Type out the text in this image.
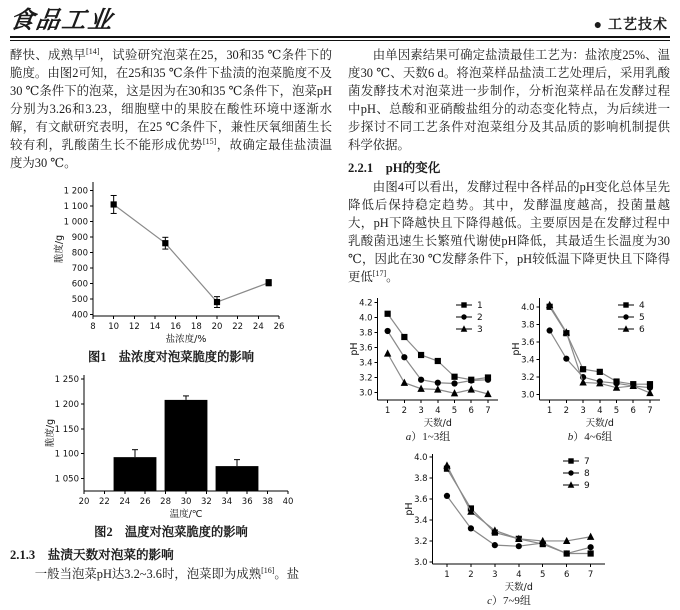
食品工业	● 工艺技术

酵快、成熟早[14]，试验研究泡菜在25，30和35 ℃条件下的脆度。由图2可知，在25和35 ℃条件下盐渍的泡菜脆度不及30 ℃条件下的泡菜，这是因为在30和35 ℃条件下，泡菜pH分别为3.26和3.23，细胞壁中的果胶在酸性环境中逐渐水解，有文献研究表明，在25 ℃条件下，兼性厌氧细菌生长较有利，乳酸菌生长不能形成优势[15]，故确定最佳盐渍温度为30 ℃。

8 10 12 14 16 18 20 22 24 26
400
500
600
700
800
900
1 000
1 100
1 200
盐浓度/%
脆度/g
图1　盐浓度对泡菜脆度的影响
20 22 24 26 28 30 32 34 36 38 40
1 050
1 100
1 150
1 200
1 250
温度/℃
脆度/g
图2　温度对泡菜脆度的影响
2.1.3　盐渍天数对泡菜的影响

一般当泡菜pH达3.2~3.6时，泡菜即为成熟[16]。盐

由单因素结果可确定盐渍最佳工艺为：盐浓度25%、温度30 ℃、天数6 d。将泡菜样品盐渍工艺处理后，采用乳酸菌发酵技术对泡菜进一步制作，分析泡菜样品在发酵过程中pH、总酸和亚硝酸盐组分的动态变化特点，为后续进一步探讨不同工艺条件对泡菜组分及其品质的影响机制提供科学依据。

2.2.1　pH的变化

由图4可以看出，发酵过程中各样品的pH变化总体呈先降低后保持稳定趋势。其中，发酵温度越高，投菌量越大，pH下降越快且下降得越低。主要原因是在发酵过程中乳酸菌迅速生长繁殖代谢使pH降低，其最适生长温度为30 ℃，因此在30 ℃发酵条件下，pH较低温下降更快且下降得更低[17]。

1 2 3 4 5 6 7
3.0
3.2
3.4
3.6
3.8
4.0
4.2
天数/d
pH
1
2
3
a）1~3组
1 2 3 4 5 6 7
3.0
3.2
3.4
3.6
3.8
4.0
天数/d
pH
4
5
6
b）4~6组
1 2 3 4 5 6 7
3.0
3.2
3.4
3.6
3.8
4.0
天数/d
pH
7
8
9
c）7~9组
